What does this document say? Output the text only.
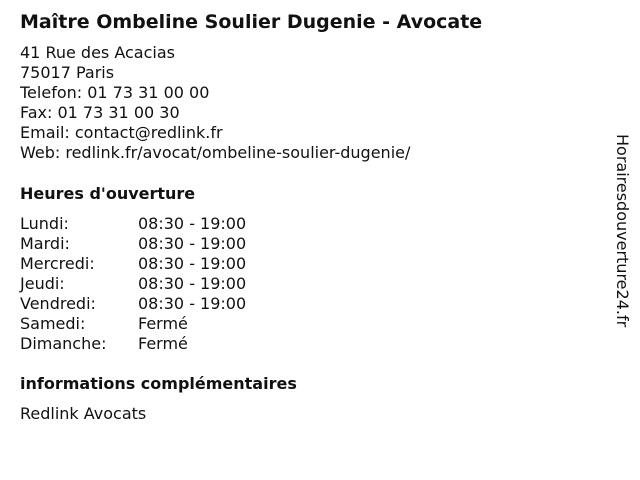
Maître Ombeline Soulier Dugenie - Avocate
41 Rue des Acacias
75017 Paris
Telefon: 01 73 31 00 00
Fax: 01 73 31 00 30
Email: contact@redlink.fr
Web: redlink.fr/avocat/ombeline-soulier-dugenie/
Heures d'ouverture
Lundi:	08:30 - 19:00
Mardi:	08:30 - 19:00
Mercredi:	08:30 - 19:00
Jeudi:	08:30 - 19:00
Vendredi:	08:30 - 19:00
Samedi:	Fermé
Dimanche:	Fermé
informations complémentaires
Redlink Avocats
Horairesdouverture24.fr
